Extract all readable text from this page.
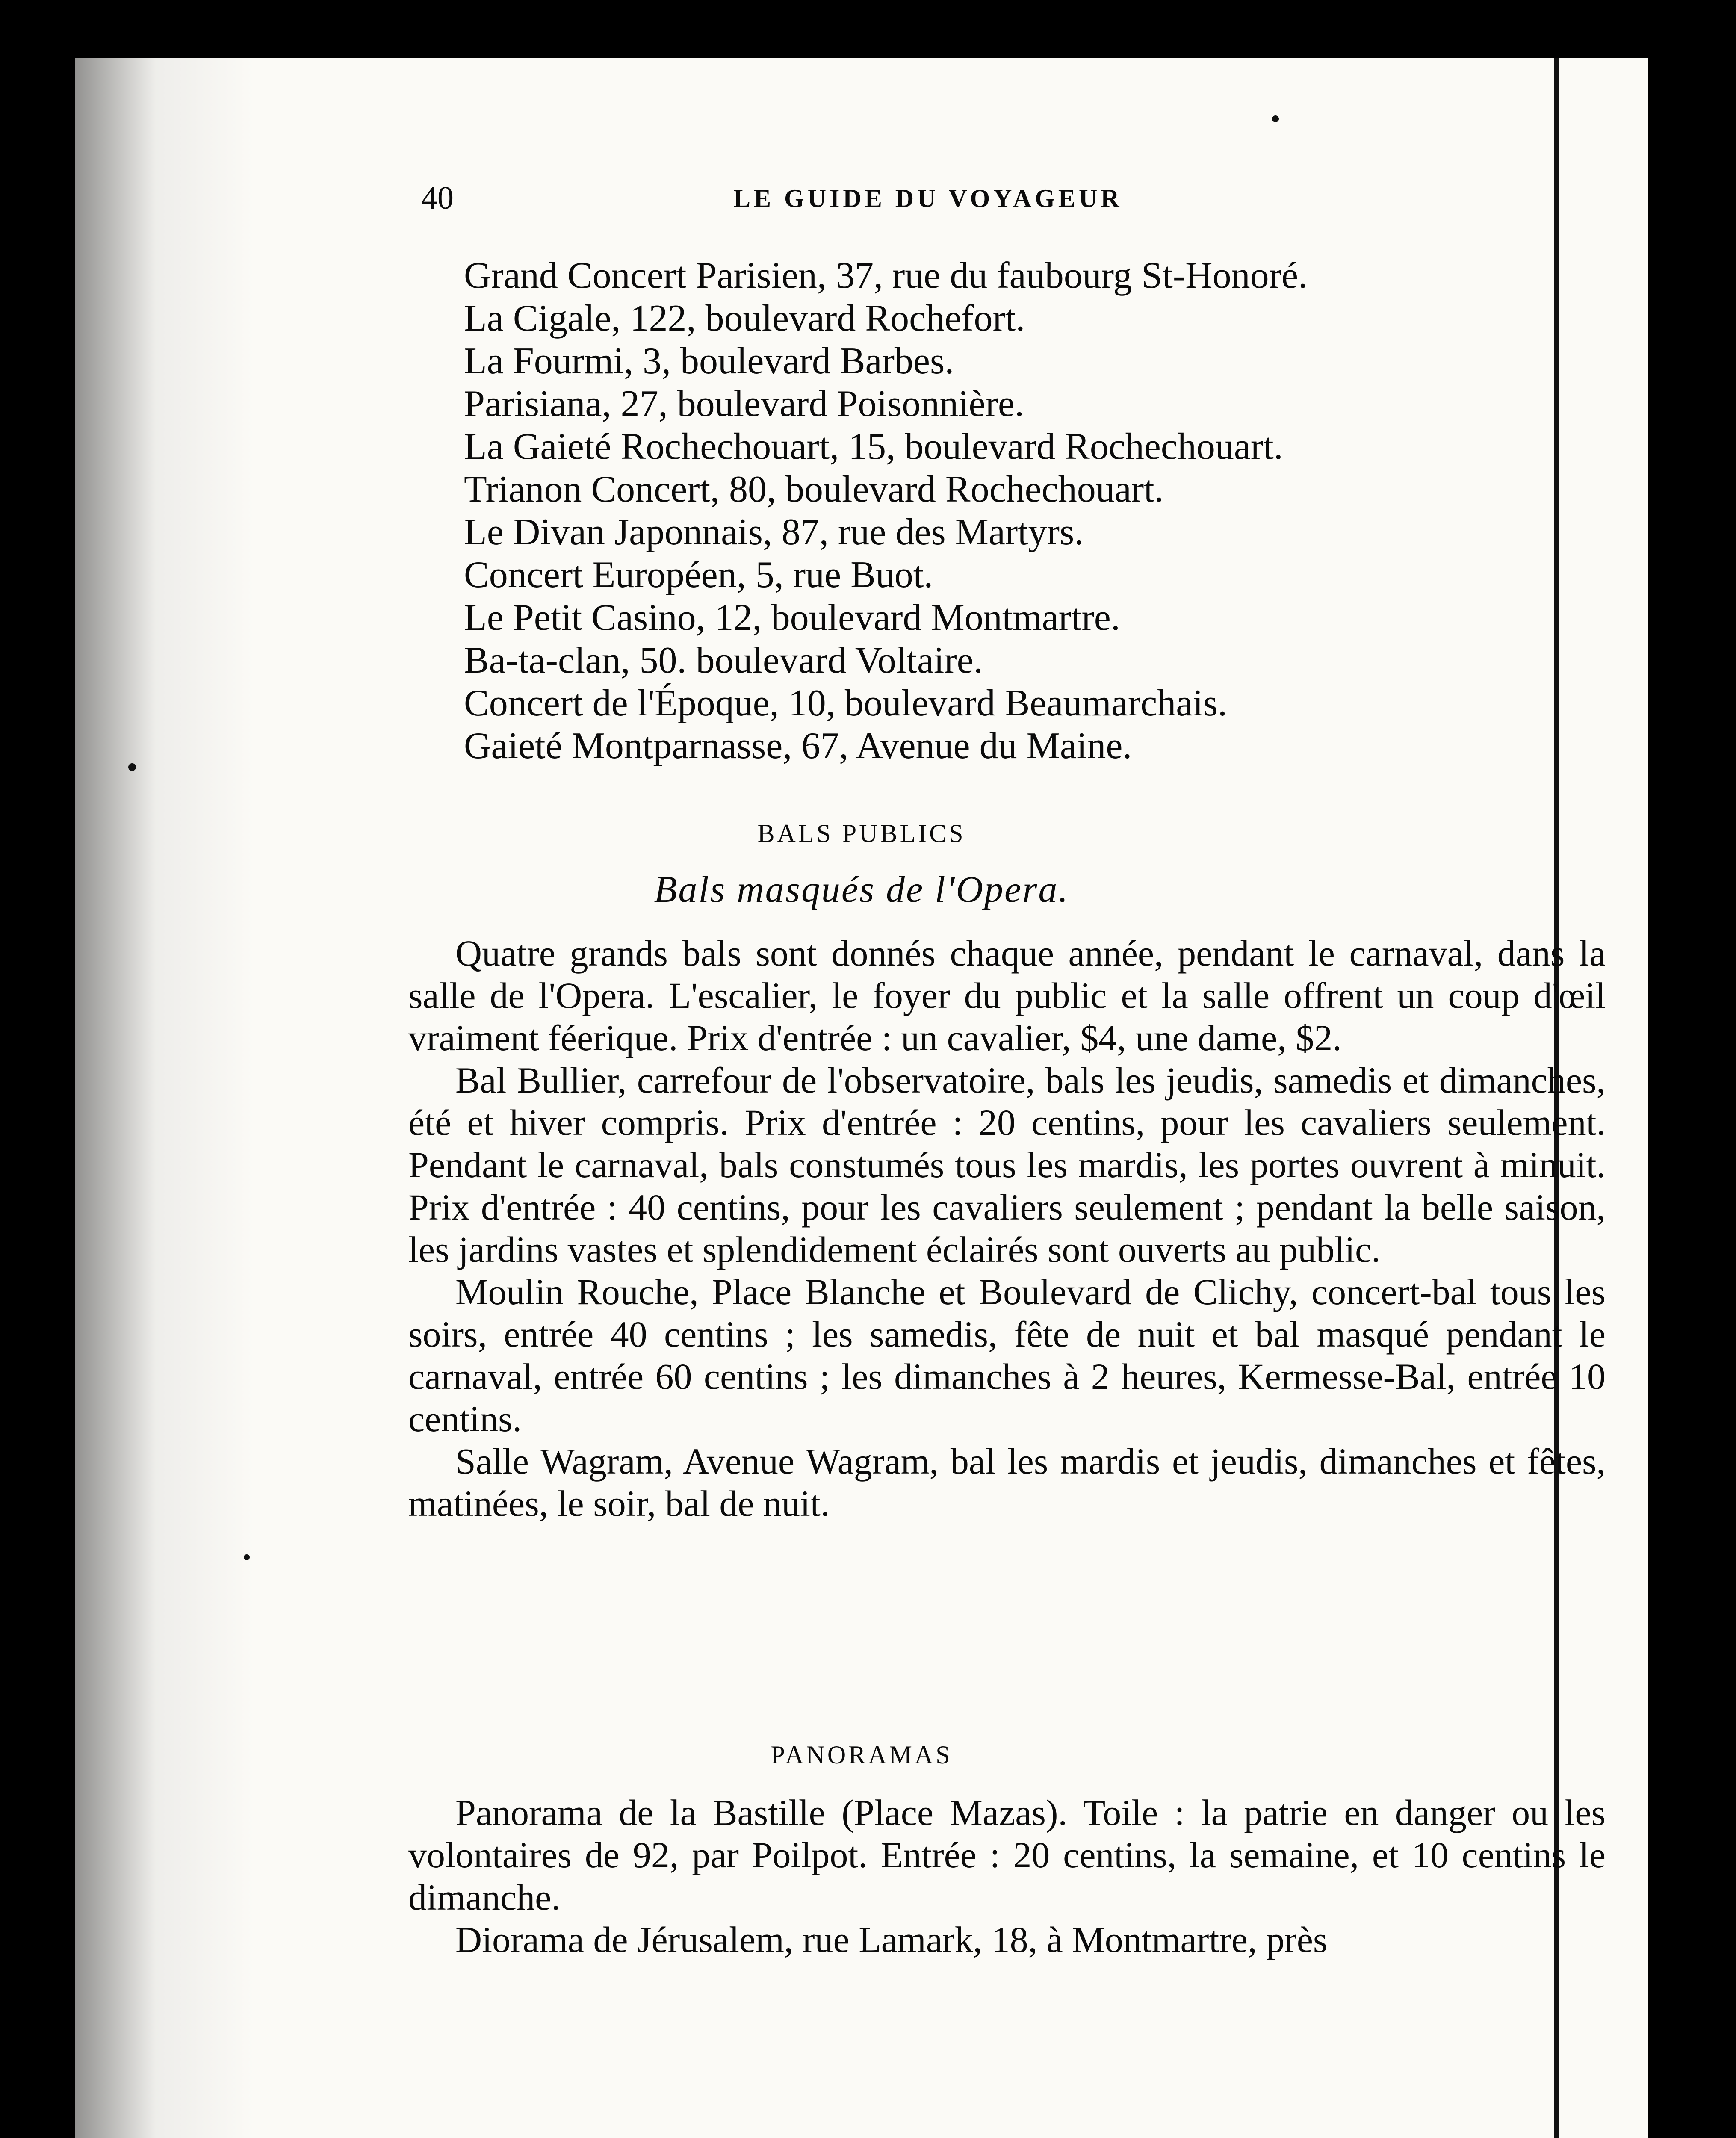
40	LE GUIDE DU VOYAGEUR
Grand Concert Parisien, 37, rue du faubourg St-Honoré.
La Cigale, 122, boulevard Rochefort.
La Fourmi, 3, boulevard Barbes.
Parisiana, 27, boulevard Poisonnière.
La Gaieté Rochechouart, 15, boulevard Rochechouart.
Trianon Concert, 80, boulevard Rochechouart.
Le Divan Japonnais, 87, rue des Martyrs.
Concert Européen, 5, rue Buot.
Le Petit Casino, 12, boulevard Montmartre.
Ba-ta-clan, 50. boulevard Voltaire.
Concert de l'Époque, 10, boulevard Beaumarchais.
Gaieté Montparnasse, 67, Avenue du Maine.
BALS PUBLICS
Bals masqués de l'Opera.

Quatre grands bals sont donnés chaque année, pendant le carnaval, dans la salle de l'Opera. L'escalier, le foyer du public et la salle offrent un coup d'œil vraiment féerique. Prix d'entrée : un cavalier, $4, une dame, $2.

Bal Bullier, carrefour de l'observatoire, bals les jeudis, samedis et dimanches, été et hiver compris. Prix d'entrée : 20 centins, pour les cavaliers seulement. Pendant le carnaval, bals constumés tous les mardis, les portes ouvrent à minuit. Prix d'entrée : 40 centins, pour les cavaliers seulement ; pendant la belle saison, les jardins vastes et splendidement éclairés sont ouverts au public.

Moulin Rouche, Place Blanche et Boulevard de Clichy, concert-bal tous les soirs, entrée 40 centins ; les samedis, fête de nuit et bal masqué pendant le carnaval, entrée 60 centins ; les dimanches à 2 heures, Kermesse-Bal, entrée 10 centins.

Salle Wagram, Avenue Wagram, bal les mardis et jeudis, dimanches et fêtes, matinées, le soir, bal de nuit.

PANORAMAS

Panorama de la Bastille (Place Mazas). Toile : la patrie en danger ou les volontaires de 92, par Poilpot. Entrée : 20 centins, la semaine, et 10 centins le dimanche.

Diorama de Jérusalem, rue Lamark, 18, à Montmartre, près
